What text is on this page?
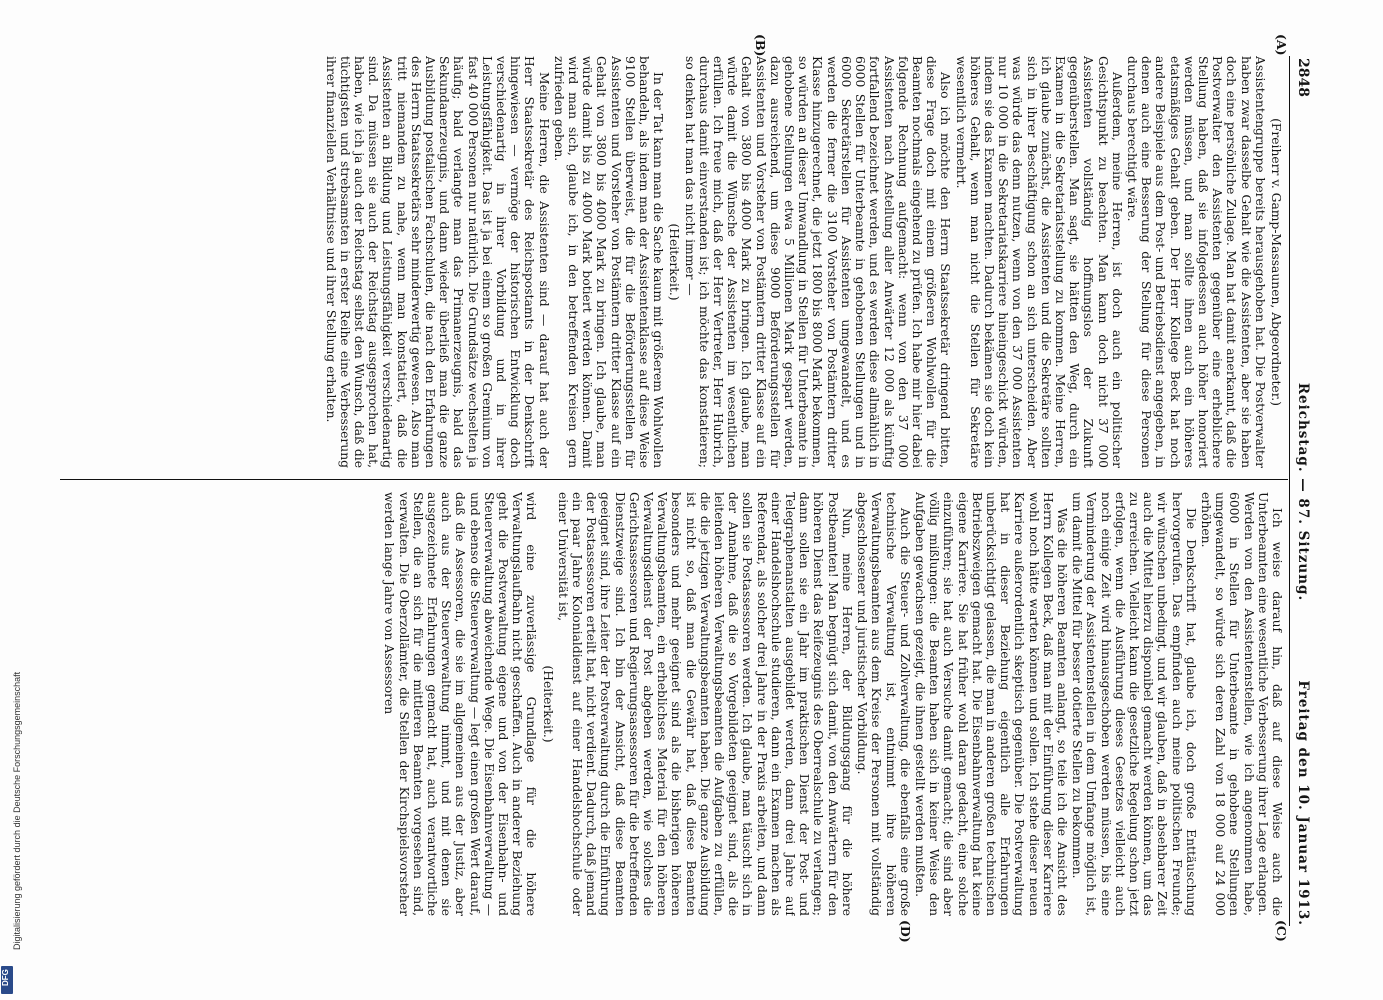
Digitalisierung gefördert durch die Deutsche Forschungsgemeinschaft
DFG
2848
Reichstag. — 87. Sitzung.
Freitag den 10. Januar 1913.
(A)
(B)
(C)
(D)

(Freiherr v. Gamp-Massaunen, Abgeordneter.)

Assistentengruppe bereits herausgehoben hat. Die Postverwalter haben zwar dasselbe Gehalt wie die Assistenten, aber sie haben doch eine persönliche Zulage. Man hat damit anerkannt, daß die Postverwalter den Assistenten gegenüber eine erheblichere Stellung haben, daß sie infolgedessen auch höher honoriert werden müssen, und man sollte ihnen auch ein höheres etatsmäßiges Gehalt geben. Der Herr Kollege Beck hat noch andere Beispiele aus dem Post- und Betriebsdienst angegeben, in denen auch eine Besserung der Stellung für diese Personen durchaus berechtigt wäre.

Außerdem, meine Herren, ist doch auch ein politischer Gesichtspunkt zu beachten. Man kann doch nicht 37 000 Assistenten vollständig hoffnungslos der Zukunft gegenüberstellen. Man sagt, sie hätten den Weg, durch ein Examen in die Sekretariatsstellung zu kommen. Meine Herren, ich glaube zunächst, die Assistenten und die Sekretäre sollten sich in ihrer Beschäftigung schon an sich unterscheiden. Aber was würde das denn nutzen, wenn von den 37 000 Assistenten nur 10 000 in die Sekretariatskarriere hineingeschickt würden, indem sie das Examen machten. Dadurch bekämen sie doch kein höheres Gehalt, wenn man nicht die Stellen für Sekretäre wesentlich vermehrt.

Also ich möchte den Herrn Staatssekretär dringend bitten, diese Frage doch mit einem größeren Wohlwollen für die Beamten nochmals eingehend zu prüfen. Ich habe mir hier dabei folgende Rechnung aufgemacht: wenn von den 37 000 Assistenten nach Anstellung aller Anwärter 12 000 als künftig fortfallend bezeichnet werden, und es werden diese allmählich in 6000 Stellen für Unterbeamte in gehobenen Stellungen und in 6000 Sekretärstellen für Assistenten umgewandelt, und es werden die ferner die 3100 Vorsteher von Postämtern dritter Klasse hinzugerechnet, die jetzt 1800 bis 8000 Mark bekommen, so würden an dieser Umwandlung in Stellen für Unterbeamte in gehobene Stellungen etwa 5 Millionen Mark gespart werden, dazu ausreichend, um diese 9000 Beförderungsstellen für Assistenten und Vorsteher von Postämtern dritter Klasse auf ein Gehalt von 3800 bis 4000 Mark zu bringen. Ich glaube, man würde damit die Wünsche der Assistenten im wesentlichen erfüllen. Ich freue mich, daß der Herr Vertreter, Herr Hubrich, durchaus damit einverstanden ist; ich möchte das konstatieren; so denken hat man das nicht immer —

(Heiterkeit.)

In der Tat kann man die Sache kaum mit größerem Wohlwollen behandeln, als indem man der Assistentenklasse auf diese Weise 9100 Stellen überweist, die für die Beförderungsstellen für Assistenten und Vorsteher von Postämtern dritter Klasse auf ein Gehalt von 3800 bis 4000 Mark zu bringen. Ich glaube, man würde damit bis zu 4000 Mark botiert werden können. Damit wird man sich, glaube ich, in den betreffenden Kreisen gern zufrieden geben.

Meine Herren, die Assistenten sind — darauf hat auch der Herr Staatssekretär des Reichspostamts in der Denkschrift hingewiesen — vermöge der historischen Entwicklung doch verschiedenartig in ihrer Vorbildung und in ihrer Leistungsfähigkeit. Das ist ja bei einem so großen Gremium von fast 40 000 Personen nur natürlich. Die Grundsätze wechselten ja häufig; bald verlangte man das Primanerzeugnis, bald das Sekundanerzeugnis, und dann wieder überließ man die ganze Ausbildung postalischen Fachschulen, die nach den Erfahrungen des Herrn Staatssekretärs sehr minderwertig gewesen. Also man tritt niemandem zu nahe, wenn man konstatiert, daß die Assistenten an Bildung und Leistungsfähigkeit verschiedenartig sind. Da müssen sie auch der Reichstag ausgesprochen hat, haben, wie ich ja auch der Reichstag selbst den Wunsch, daß die tüchtigsten und strebsamsten in erster Reihe eine Verbesserung ihrer finanziellen Verhältnisse und ihrer Stellung erhalten.

Ich weise darauf hin, daß auf diese Weise auch die Unterbeamten eine wesentliche Verbesserung ihrer Lage erlangen. Werden von den Assistentenstellen, wie ich angenommen habe, 6000 in Stellen für Unterbeamte in gehobene Stellungen umgewandelt, so würde sich deren Zahl von 18 000 auf 24 000 erhöhen.

Die Denkschrift hat, glaube ich, doch große Enttäuschung hervorgerufen. Das empfinden auch meine politischen Freunde; wir wünschen unbedingt, und wir glauben, daß in absehbarer Zeit auch die Mittel hierzu disponibel gemacht werden können, um das zu erreichen. Vielleicht kann die gesetzliche Regelung schon jetzt erfolgen, wenn die Ausführung dieses Gesetzes vielleicht auch noch einige Zeit wird hinausgeschoben werden müssen, bis eine Verminderung der Assistentenstellen in dem Umfange möglich ist, um damit die Mittel für besser dotierte Stellen zu bekommen.

Was die höheren Beamten anlangt, so teile ich die Ansicht des Herrn Kollegen Beck, daß man mit der Einführung dieser Karriere wohl noch hätte warten können und sollen. Ich stehe dieser neuen Karriere außerordentlich skeptisch gegenüber. Die Postverwaltung hat in dieser Beziehung eigentlich alle Erfahrungen unberücksichtigt gelassen, die man in anderen großen technischen Betriebszweigen gemacht hat. Die Eisenbahnverwaltung hat keine eigene Karriere. Sie hat früher wohl daran gedacht, eine solche einzuführen; sie hat auch Versuche damit gemacht; die sind aber völlig mißlungen: die Beamten haben sich in keiner Weise den Aufgaben gewachsen gezeigt, die ihnen gestellt werden mußten.

Auch die Steuer- und Zollverwaltung, die ebenfalls eine große technische Verwaltung ist, entnimmt ihre höheren Verwaltungsbeamten aus dem Kreise der Personen mit vollständig abgeschlossener und juristischer Vorbildung.

Nun, meine Herren, der Bildungsgang für die höhere Postbeamten! Man begnügt sich damit, von den Anwärtern für den höheren Dienst das Reifezeugnis des Oberrealschule zu verlangen; dann sollen sie ein Jahr im praktischen Dienst der Post- und Telegraphenanstalten ausgebildet werden, dann drei Jahre auf einer Handelshochschule studieren, dann ein Examen machen als Referendar, als solcher drei Jahre in der Praxis arbeiten, und dann sollen sie Postassessoren werden. Ich glaube, man täuscht sich in der Annahme, daß die so Vorgebildeten geeignet sind, als die leitenden höheren Verwaltungsbeamten die Aufgaben zu erfüllen, die die jetzigen Verwaltungsbeamten haben. Die ganze Ausbildung ist nicht so, daß man die Gewähr hat, daß diese Beamten besonders und mehr geeignet sind als die bisherigen höheren Verwaltungsbeamten, ein erheblichses Material für den höheren Verwaltungsdienst der Post abgeben werden, wie solches die Gerichtsassessoren und Regierungsassessoren für die betreffenden Dienstzweige sind. Ich bin der Ansicht, daß diese Beamten geeignet sind, ihre Leiter der Postverwaltung durch die Einführung der Postassessoren erteilt hat, nicht verdient. Dadurch, daß jemand ein paar Jahre Kolonialdienst auf einer Handelshochschule oder einer Universität ist,

(Heiterkeit.)

wird eine zuverlässige Grundlage für die höhere Verwaltungslaufbahn nicht geschaffen. Auch in anderer Beziehung geht die Postverwaltung eigene und von der Eisenbahn- und Steuerverwaltung abweichende Wege. Die Eisenbahnverwaltung — und ebenso die Steuerverwaltung — legt einen großen Wert darauf, daß die Assessoren, die sie im allgemeinen aus der Justiz, aber auch aus der Steuerverwaltung nimmt, und mit denen sie ausgezeichnete Erfahrungen gemacht hat, auch verantwortliche Stellen, die an sich für die mittleren Beamten vorgesehen sind, verwalten. Die Oberzollämter, die Stellen der Kirchspielsvorsteher werden lange Jahre von Assessoren
